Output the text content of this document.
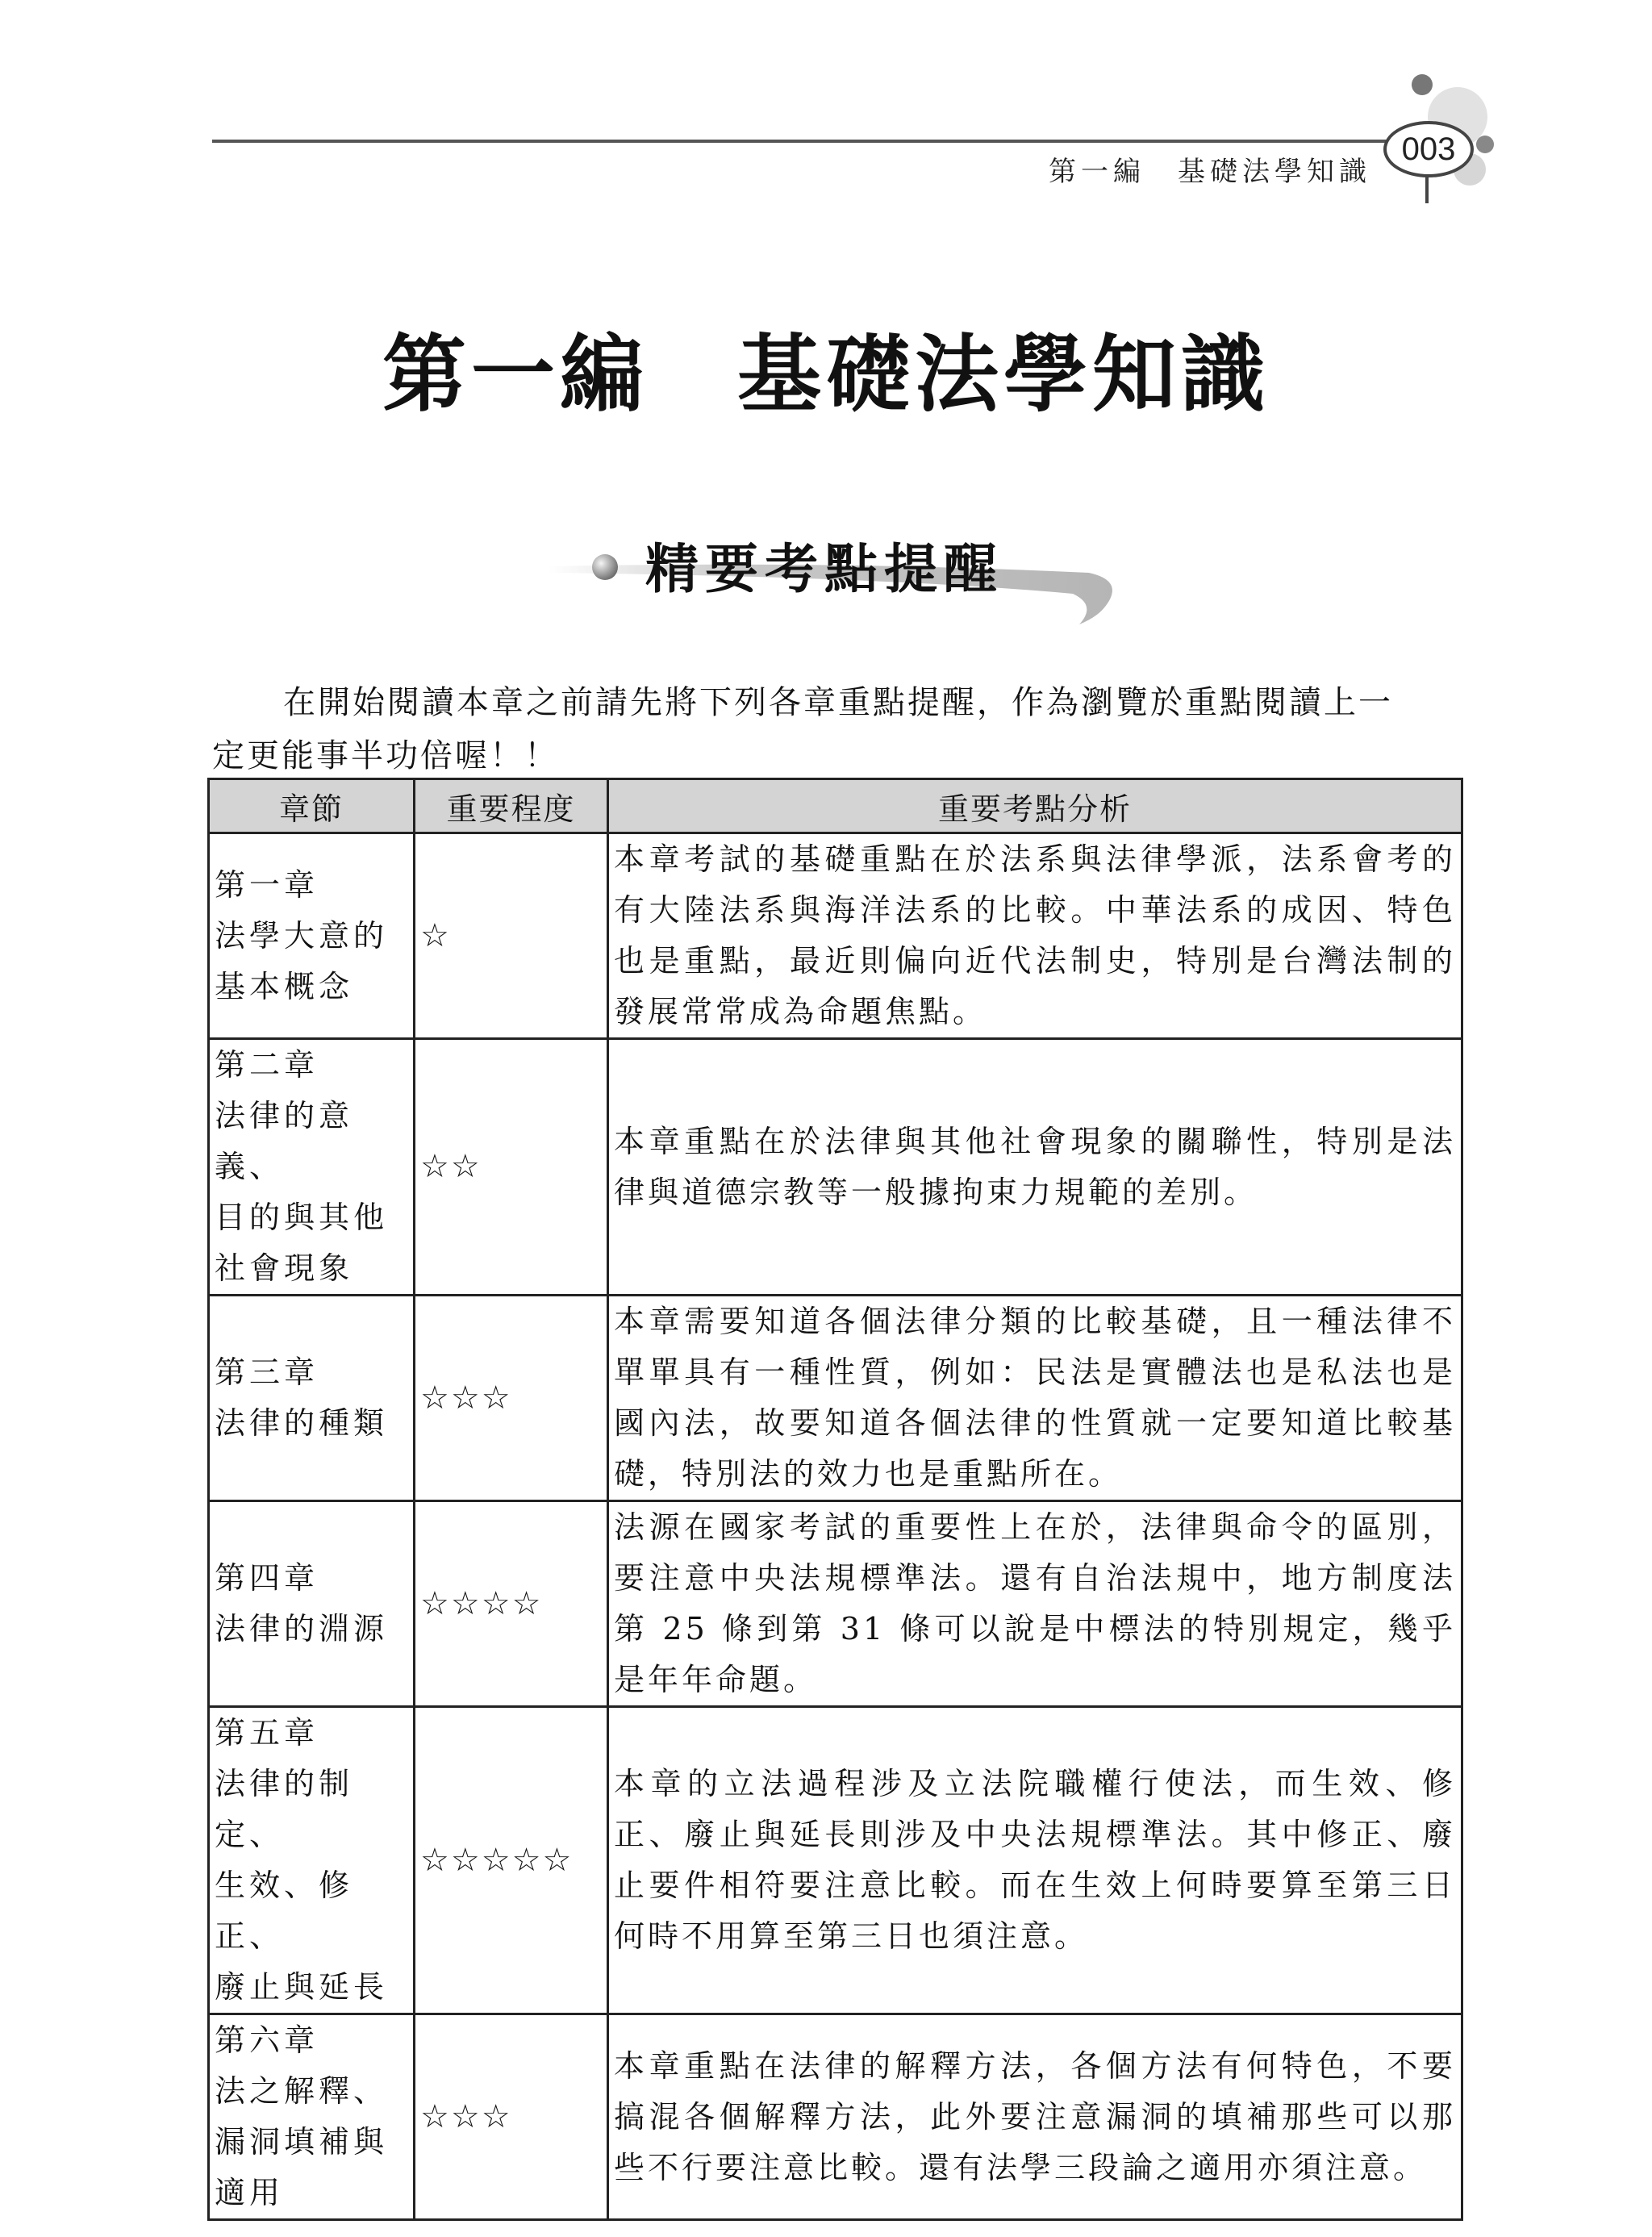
第一編　基礎法學知識
003
第一編　基礎法學知識
精要考點提醒
在開始閱讀本章之前請先將下列各章重點提醒，作為瀏覽於重點閱讀上一
定更能事半功倍喔！！
章節	重要程度	重要考點分析
第一章
法學大意的
基本概念	☆	本章考試的基礎重點在於法系與法律學派，法系會考的有大陸法系與海洋法系的比較。中華法系的成因、特色也是重點，最近則偏向近代法制史，特別是台灣法制的發展常常成為命題焦點。
第二章
法律的意義、
目的與其他
社會現象	☆☆	本章重點在於法律與其他社會現象的關聯性，特別是法律與道德宗教等一般據拘束力規範的差別。
第三章
法律的種類	☆☆☆	本章需要知道各個法律分類的比較基礎，且一種法律不單單具有一種性質，例如：民法是實體法也是私法也是國內法，故要知道各個法律的性質就一定要知道比較基礎，特別法的效力也是重點所在。
第四章
法律的淵源	☆☆☆☆	法源在國家考試的重要性上在於，法律與命令的區別，要注意中央法規標準法。還有自治法規中，地方制度法第 25 條到第 31 條可以說是中標法的特別規定，幾乎是年年命題。
第五章
法律的制定、
生效、修正、
廢止與延長	☆☆☆☆☆	本章的立法過程涉及立法院職權行使法，而生效、修正、廢止與延長則涉及中央法規標準法。其中修正、廢止要件相符要注意比較。而在生效上何時要算至第三日何時不用算至第三日也須注意。
第六章
法之解釋、
漏洞填補與
適用	☆☆☆	本章重點在法律的解釋方法，各個方法有何特色，不要搞混各個解釋方法，此外要注意漏洞的填補那些可以那些不行要注意比較。還有法學三段論之適用亦須注意。
